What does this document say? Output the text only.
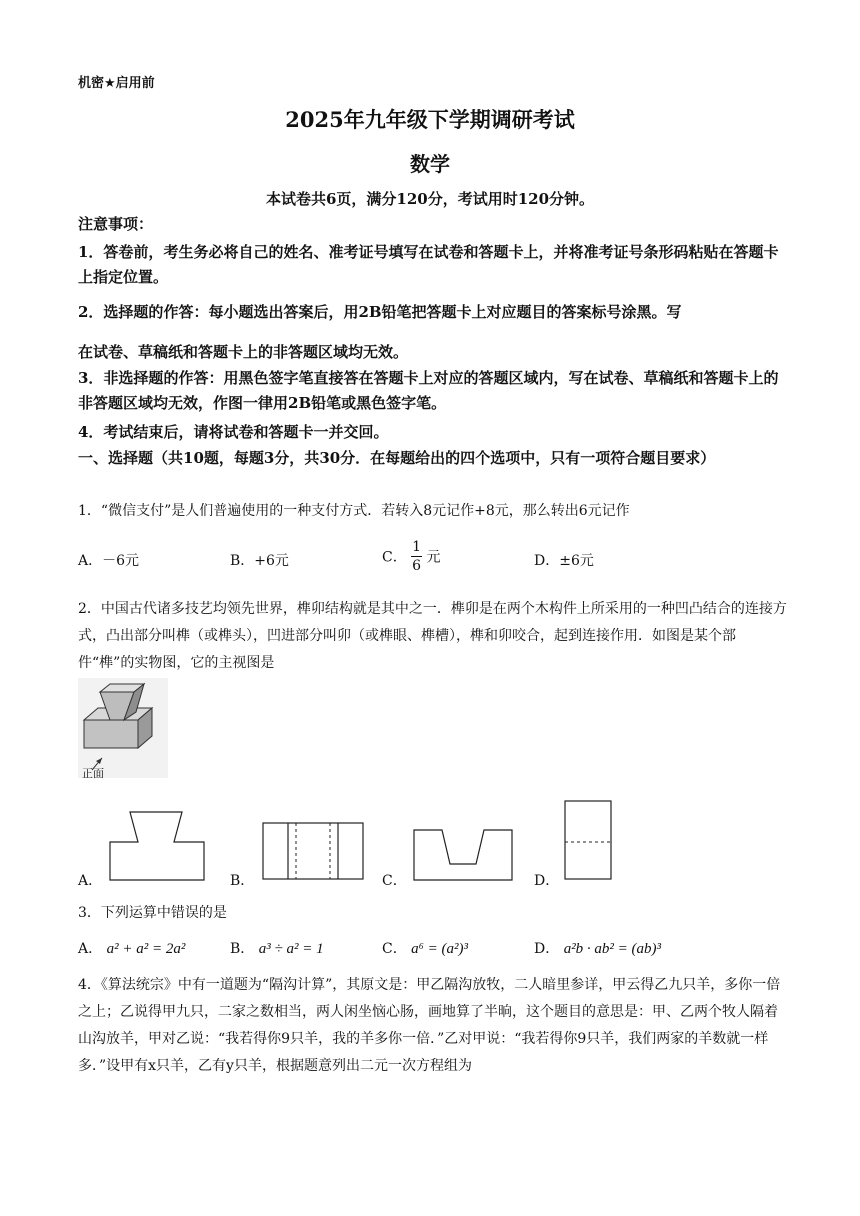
机密★启用前
2025年九年级下学期调研考试
数学
本试卷共6页，满分120分，考试用时120分钟。
注意事项：
1．答卷前，考生务必将自己的姓名、准考证号填写在试卷和答题卡上，并将准考证号条形码粘贴在答题卡上指定位置。
2．选择题的作答：每小题选出答案后，用2B铅笔把答题卡上对应题目的答案标号涂黑。写
在试卷、草稿纸和答题卡上的非答题区域均无效。
3．非选择题的作答：用黑色签字笔直接答在答题卡上对应的答题区域内，写在试卷、草稿纸和答题卡上的非答题区域均无效，作图一律用2B铅笔或黑色签字笔。
4．考试结束后，请将试卷和答题卡一并交回。
一、选择题（共10题，每题3分，共30分．在每题给出的四个选项中，只有一项符合题目要求）
1．“微信支付”是人们普遍使用的一种支付方式．若转入8元记作+8元，那么转出6元记作
A．－6元	B．+6元	C． $\frac{1}{6}$ 元	D．±6元
2．中国古代诸多技艺均领先世界，榫卯结构就是其中之一．榫卯是在两个木构件上所采用的一种凹凸结合的连接方式，凸出部分叫榫（或榫头），凹进部分叫卯（或榫眼、榫槽），榫和卯咬合，起到连接作用．如图是某个部件“榫”的实物图，它的主视图是
正面
A．	B．	C．	D．
3．下列运算中错误的是
A． a² + a² = 2a²	B． a³ ÷ a² = 1	C． a⁶ = (a²)³	D． a²b · ab² = (ab)³
4．《算法统宗》中有一道题为“隔沟计算”，其原文是：甲乙隔沟放牧，二人暗里参详，甲云得乙九只羊，多你一倍之上；乙说得甲九只，二家之数相当，两人闲坐恼心肠，画地算了半晌，这个题目的意思是：甲、乙两个牧人隔着山沟放羊，甲对乙说：“我若得你9只羊，我的羊多你一倍．”乙对甲说：“我若得你9只羊，我们两家的羊数就一样多．”设甲有x只羊，乙有y只羊，根据题意列出二元一次方程组为
